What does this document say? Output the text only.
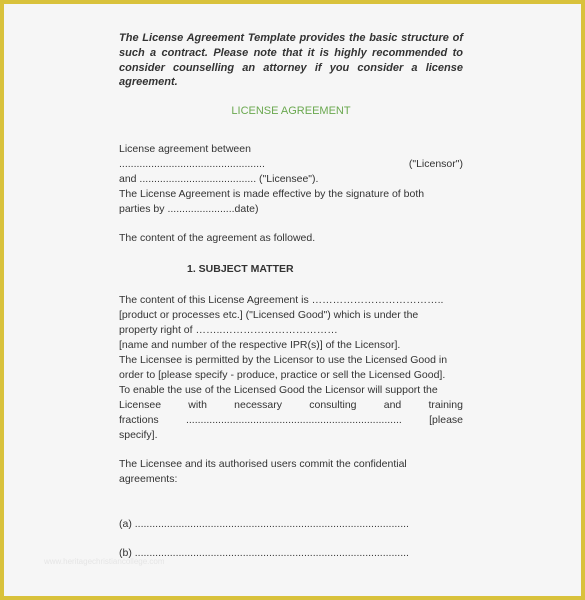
The License Agreement Template provides the basic structure of such a contract. Please note that it is highly recommended to consider counselling an attorney if you consider a license agreement.
LICENSE AGREEMENT

License agreement between

..................................................	("Licensor")

and ........................................ ("Licensee").

The License Agreement is made effective by the signature of both

parties by .......................date)

The content of the agreement as followed.

1. SUBJECT MATTER

The content of this License Agreement is ………………………………..

[product or processes etc.] ("Licensed Good") which is under the

property right of ……..……………………………

[name and number of the respective IPR(s)] of the Licensor].

The Licensee is permitted by the Licensor to use the Licensed Good in

order to [please specify - produce, practice or sell the Licensed Good].

To enable the use of the Licensed Good the Licensor will support the

Licensee	with	necessary	consulting	and	training
fractions	..........................................................................	[please

specify].

The Licensee and its authorised users commit the confidential

agreements:

(a) ..............................................................................................

(b) ..............................................................................................

www.heritagechristiancollege.com
